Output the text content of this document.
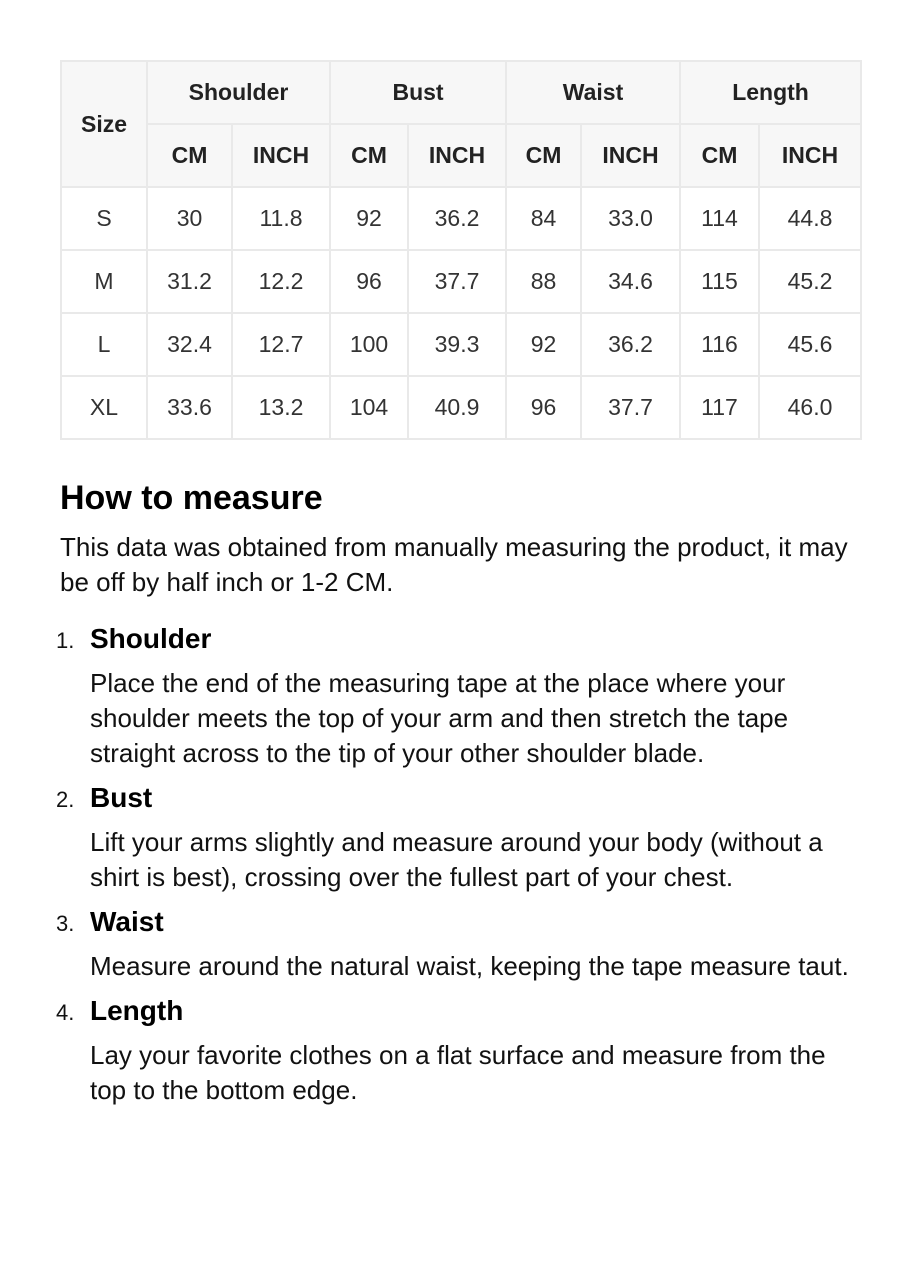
Size	Shoulder		Bust		Waist		Length	
	CM	INCH	CM	INCH	CM	INCH	CM	INCH
S	30	11.8	92	36.2	84	33.0	114	44.8
M	31.2	12.2	96	37.7	88	34.6	115	45.2
L	32.4	12.7	100	39.3	92	36.2	116	45.6
XL	33.6	13.2	104	40.9	96	37.7	117	46.0
How to measure

This data was obtained from manually measuring the product, it may be off by half inch or 1-2 CM.

1. Shoulder
Place the end of the measuring tape at the place where your shoulder meets the top of your arm and then stretch the tape straight across to the tip of your other shoulder blade.
2. Bust
Lift your arms slightly and measure around your body (without a shirt is best), crossing over the fullest part of your chest.
3. Waist
Measure around the natural waist, keeping the tape measure taut.
4. Length
Lay your favorite clothes on a flat surface and measure from the top to the bottom edge.
